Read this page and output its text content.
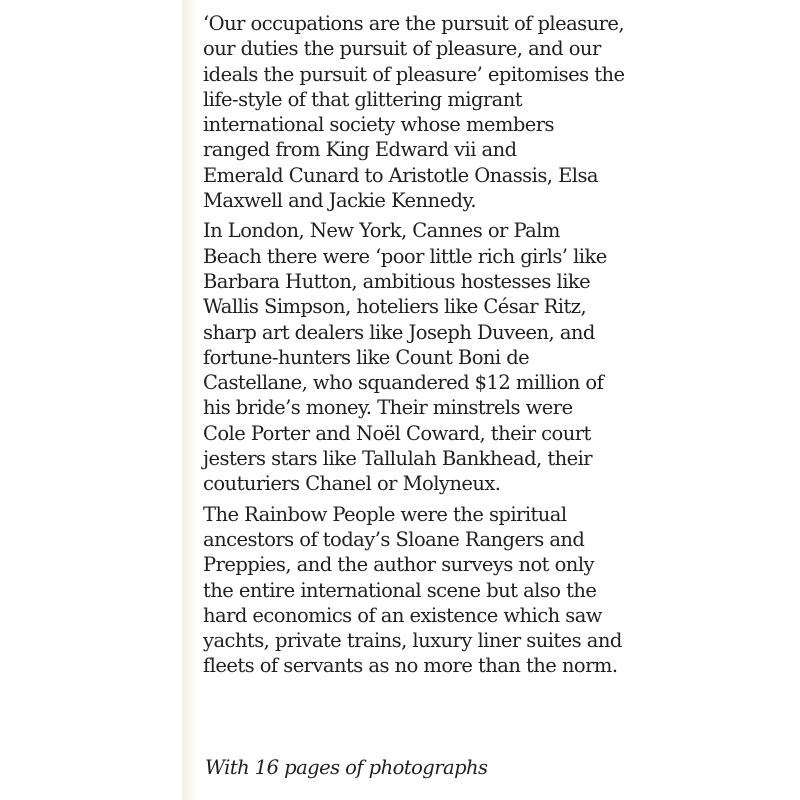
‘Our occupations are the pursuit of pleasure,
our duties the pursuit of pleasure, and our
ideals the pursuit of pleasure’ epitomises the
life-style of that glittering migrant
international society whose members
ranged from King Edward vii and
Emerald Cunard to Aristotle Onassis, Elsa
Maxwell and Jackie Kennedy.

In London, New York, Cannes or Palm
Beach there were ‘poor little rich girls’ like
Barbara Hutton, ambitious hostesses like
Wallis Simpson, hoteliers like César Ritz,
sharp art dealers like Joseph Duveen, and
fortune-hunters like Count Boni de
Castellane, who squandered $12 million of
his bride’s money. Their minstrels were
Cole Porter and Noël Coward, their court
jesters stars like Tallulah Bankhead, their
couturiers Chanel or Molyneux.

The Rainbow People were the spiritual
ancestors of today’s Sloane Rangers and
Preppies, and the author surveys not only
the entire international scene but also the
hard economics of an existence which saw
yachts, private trains, luxury liner suites and
fleets of servants as no more than the norm.

With 16 pages of photographs
